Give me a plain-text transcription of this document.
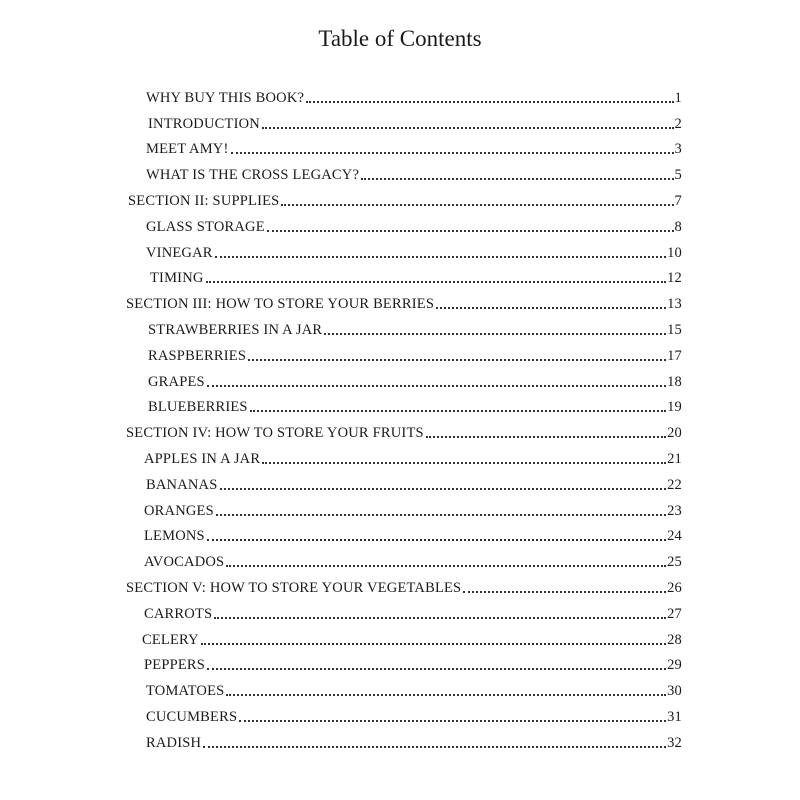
Table of Contents
WHY BUY THIS BOOK?	1
INTRODUCTION	2
MEET AMY!	3
WHAT IS THE CROSS LEGACY?	5
SECTION II: SUPPLIES	7
GLASS STORAGE	8
VINEGAR	10
TIMING	12
SECTION III: HOW TO STORE YOUR BERRIES	13
STRAWBERRIES IN A JAR	15
RASPBERRIES	17
GRAPES	18
BLUEBERRIES	19
SECTION IV: HOW TO STORE YOUR FRUITS	20
APPLES IN A JAR	21
BANANAS	22
ORANGES	23
LEMONS	24
AVOCADOS	25
SECTION V: HOW TO STORE YOUR VEGETABLES	26
CARROTS	27
CELERY	28
PEPPERS	29
TOMATOES	30
CUCUMBERS	31
RADISH	32
